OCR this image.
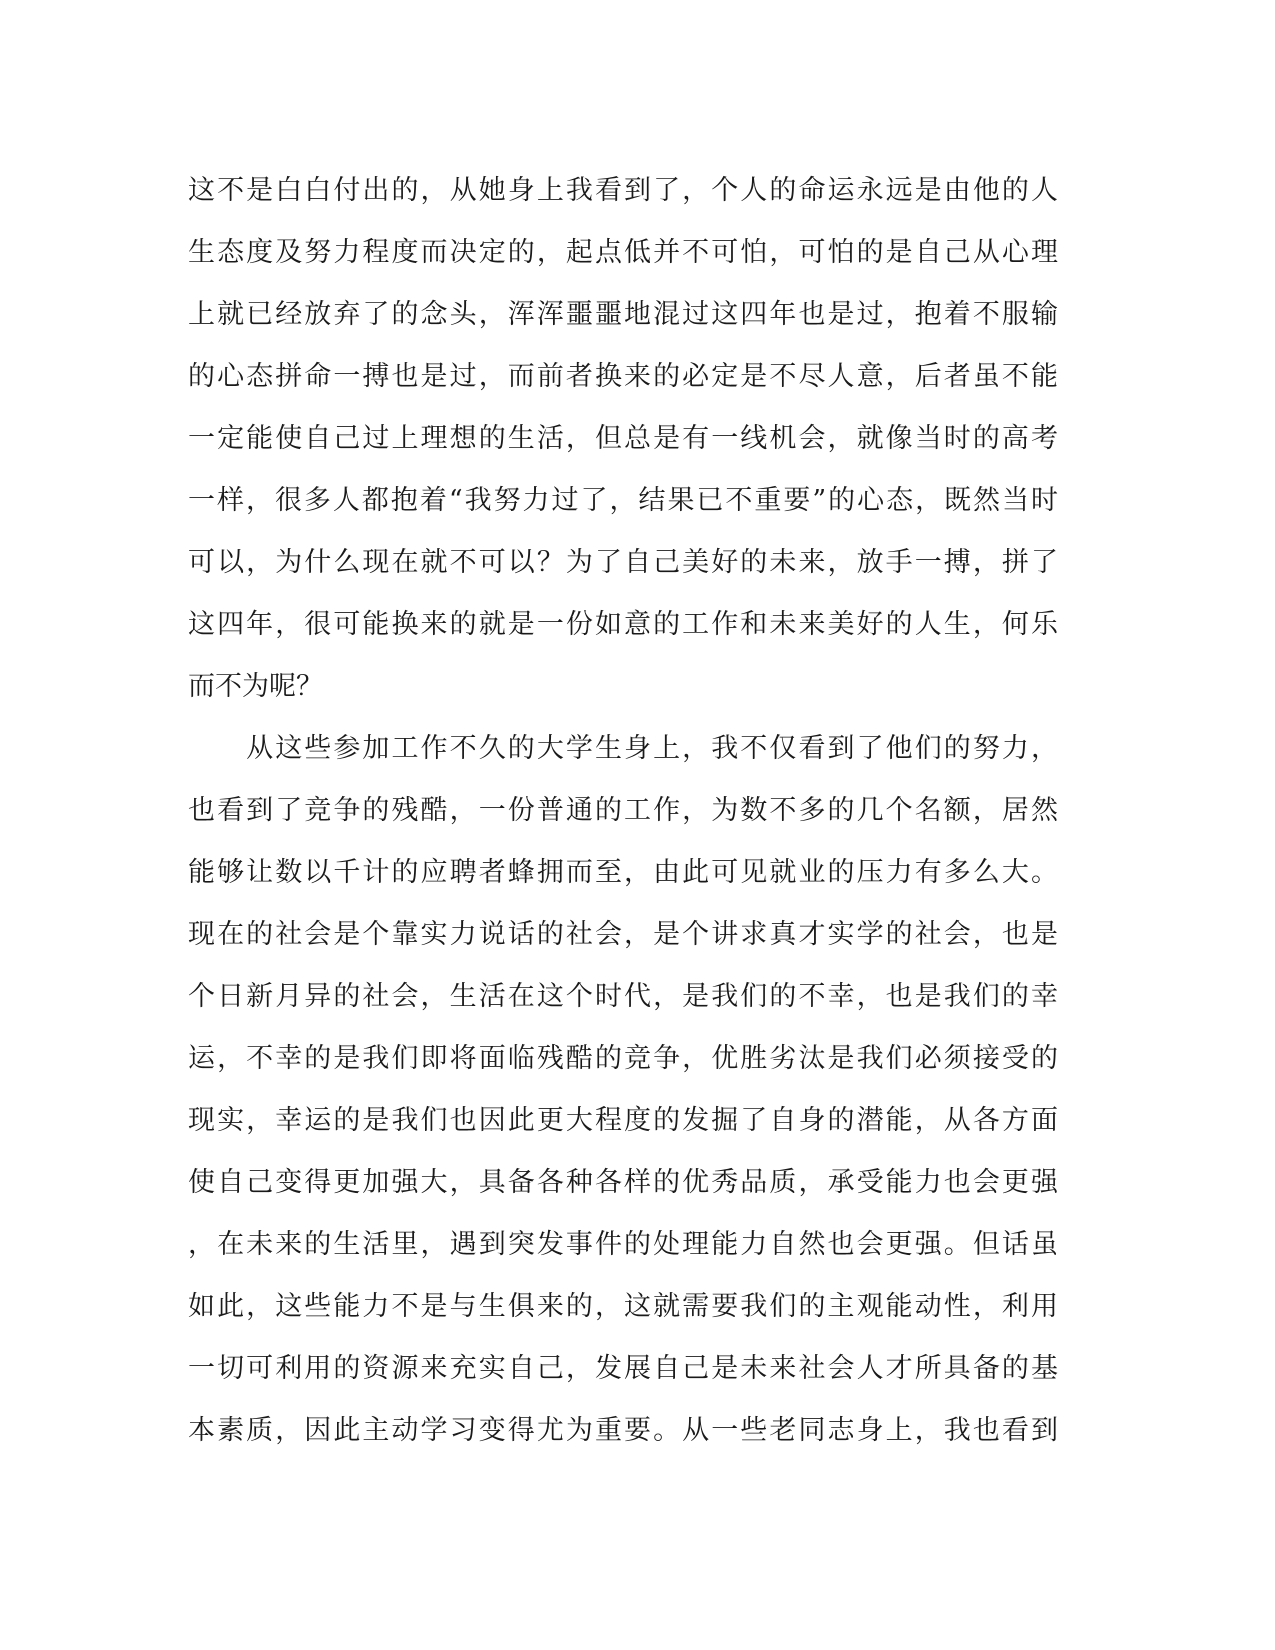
这不是白白付出的，从她身上我看到了，个人的命运永远是由他的人
生态度及努力程度而决定的，起点低并不可怕，可怕的是自己从心理
上就已经放弃了的念头，浑浑噩噩地混过这四年也是过，抱着不服输
的心态拼命一搏也是过，而前者换来的必定是不尽人意，后者虽不能
一定能使自己过上理想的生活，但总是有一线机会，就像当时的高考
一样，很多人都抱着“我努力过了，结果已不重要”的心态，既然当时
可以，为什么现在就不可以？为了自己美好的未来，放手一搏，拼了
这四年，很可能换来的就是一份如意的工作和未来美好的人生，何乐
而不为呢？
　　从这些参加工作不久的大学生身上，我不仅看到了他们的努力，
也看到了竞争的残酷，一份普通的工作，为数不多的几个名额，居然
能够让数以千计的应聘者蜂拥而至，由此可见就业的压力有多么大。
现在的社会是个靠实力说话的社会，是个讲求真才实学的社会，也是
个日新月异的社会，生活在这个时代，是我们的不幸，也是我们的幸
运，不幸的是我们即将面临残酷的竞争，优胜劣汰是我们必须接受的
现实，幸运的是我们也因此更大程度的发掘了自身的潜能，从各方面
使自己变得更加强大，具备各种各样的优秀品质，承受能力也会更强
，在未来的生活里，遇到突发事件的处理能力自然也会更强。但话虽
如此，这些能力不是与生俱来的，这就需要我们的主观能动性，利用
一切可利用的资源来充实自己，发展自己是未来社会人才所具备的基
本素质，因此主动学习变得尤为重要。从一些老同志身上，我也看到
